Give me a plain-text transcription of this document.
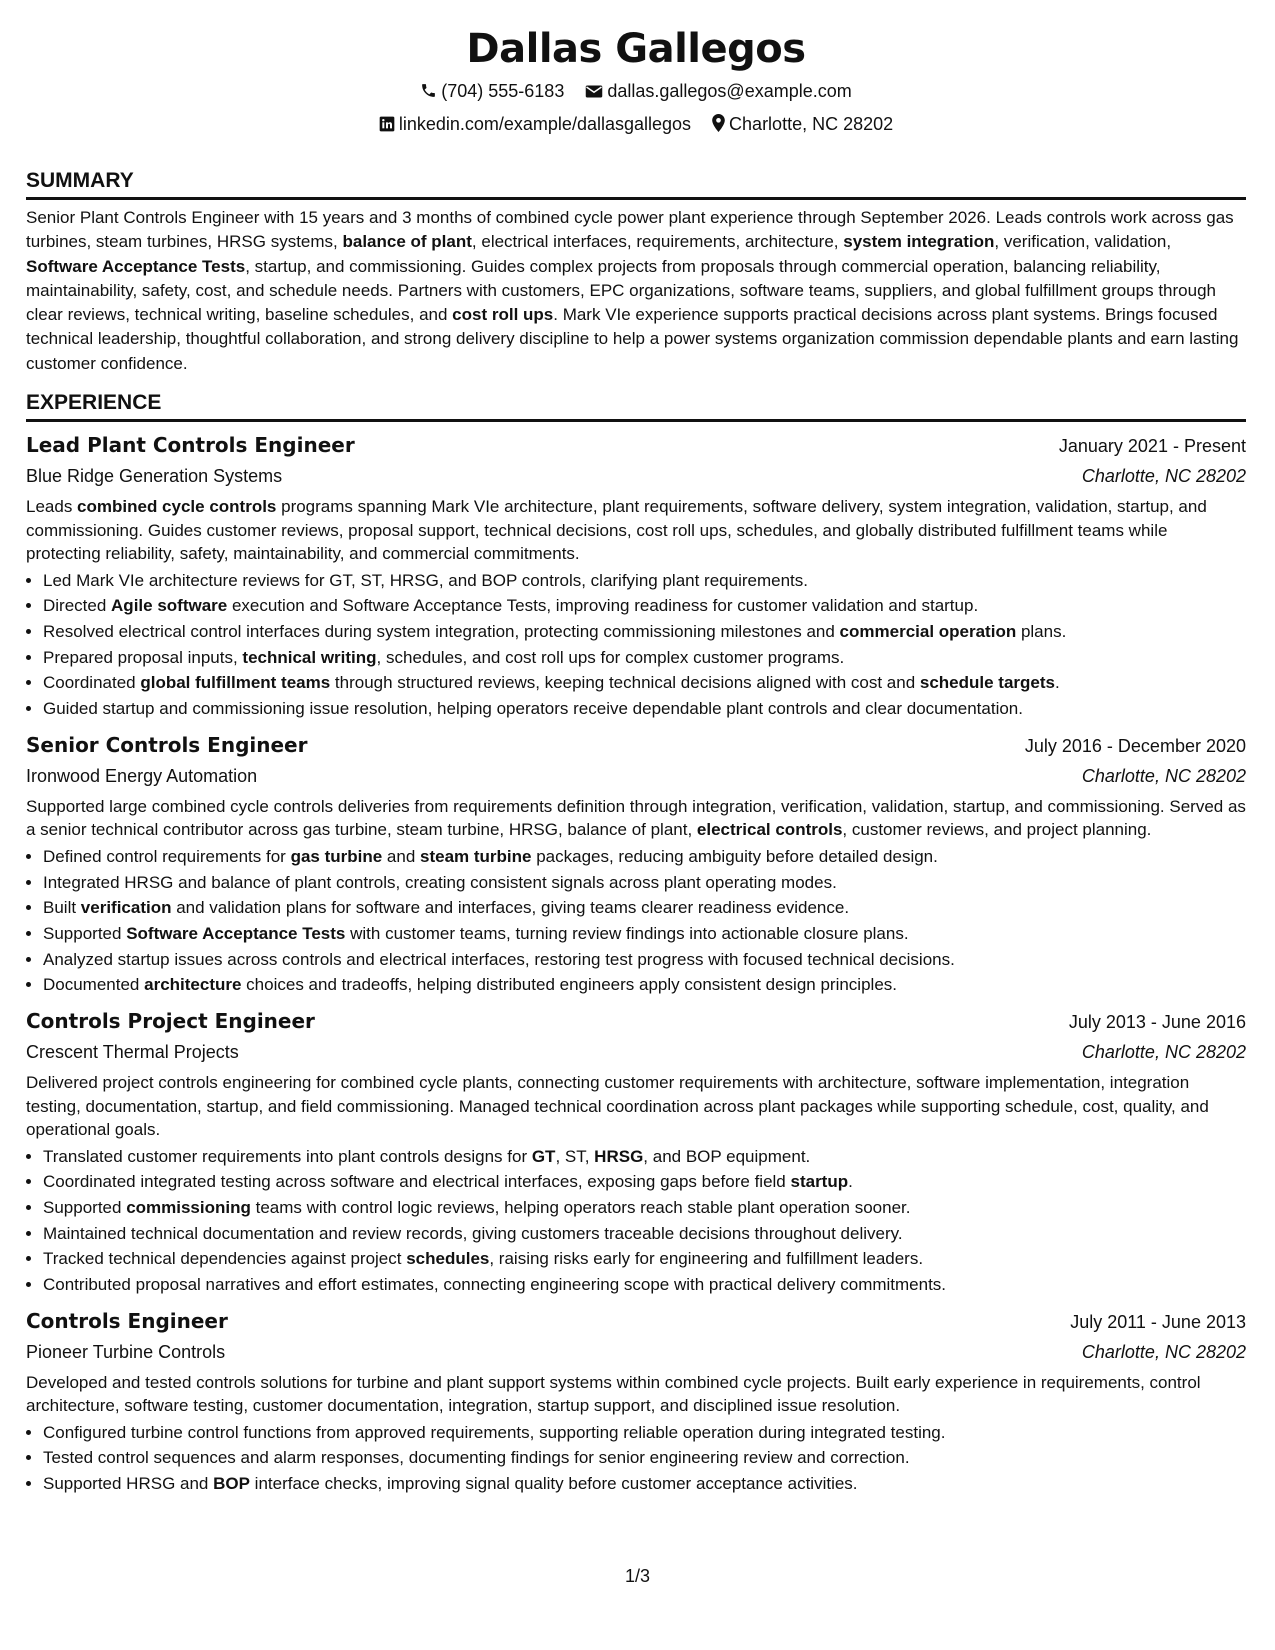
Dallas Gallegos
(704) 555-6183 dallas.gallegos@example.com
linkedin.com/example/dallasgallegos Charlotte, NC 28202
SUMMARY
Senior Plant Controls Engineer with 15 years and 3 months of combined cycle power plant experience through September 2026. Leads controls work across gas turbines, steam turbines, HRSG systems, balance of plant, electrical interfaces, requirements, architecture, system integration, verification, validation, Software Acceptance Tests, startup, and commissioning. Guides complex projects from proposals through commercial operation, balancing reliability, maintainability, safety, cost, and schedule needs. Partners with customers, EPC organizations, software teams, suppliers, and global fulfillment groups through clear reviews, technical writing, baseline schedules, and cost roll ups. Mark VIe experience supports practical decisions across plant systems. Brings focused technical leadership, thoughtful collaboration, and strong delivery discipline to help a power systems organization commission dependable plants and earn lasting customer confidence.
EXPERIENCE
Lead Plant Controls Engineer	January 2021 - Present
Blue Ridge Generation Systems	Charlotte, NC 28202
Leads combined cycle controls programs spanning Mark VIe architecture, plant requirements, software delivery, system integration, validation, startup, and commissioning. Guides customer reviews, proposal support, technical decisions, cost roll ups, schedules, and globally distributed fulfillment teams while protecting reliability, safety, maintainability, and commercial commitments.
• Led Mark VIe architecture reviews for GT, ST, HRSG, and BOP controls, clarifying plant requirements.
• Directed Agile software execution and Software Acceptance Tests, improving readiness for customer validation and startup.
• Resolved electrical control interfaces during system integration, protecting commissioning milestones and commercial operation plans.
• Prepared proposal inputs, technical writing, schedules, and cost roll ups for complex customer programs.
• Coordinated global fulfillment teams through structured reviews, keeping technical decisions aligned with cost and schedule targets.
• Guided startup and commissioning issue resolution, helping operators receive dependable plant controls and clear documentation.
Senior Controls Engineer	July 2016 - December 2020
Ironwood Energy Automation	Charlotte, NC 28202
Supported large combined cycle controls deliveries from requirements definition through integration, verification, validation, startup, and commissioning. Served as a senior technical contributor across gas turbine, steam turbine, HRSG, balance of plant, electrical controls, customer reviews, and project planning.
• Defined control requirements for gas turbine and steam turbine packages, reducing ambiguity before detailed design.
• Integrated HRSG and balance of plant controls, creating consistent signals across plant operating modes.
• Built verification and validation plans for software and interfaces, giving teams clearer readiness evidence.
• Supported Software Acceptance Tests with customer teams, turning review findings into actionable closure plans.
• Analyzed startup issues across controls and electrical interfaces, restoring test progress with focused technical decisions.
• Documented architecture choices and tradeoffs, helping distributed engineers apply consistent design principles.
Controls Project Engineer	July 2013 - June 2016
Crescent Thermal Projects	Charlotte, NC 28202
Delivered project controls engineering for combined cycle plants, connecting customer requirements with architecture, software implementation, integration testing, documentation, startup, and field commissioning. Managed technical coordination across plant packages while supporting schedule, cost, quality, and operational goals.
• Translated customer requirements into plant controls designs for GT, ST, HRSG, and BOP equipment.
• Coordinated integrated testing across software and electrical interfaces, exposing gaps before field startup.
• Supported commissioning teams with control logic reviews, helping operators reach stable plant operation sooner.
• Maintained technical documentation and review records, giving customers traceable decisions throughout delivery.
• Tracked technical dependencies against project schedules, raising risks early for engineering and fulfillment leaders.
• Contributed proposal narratives and effort estimates, connecting engineering scope with practical delivery commitments.
Controls Engineer	July 2011 - June 2013
Pioneer Turbine Controls	Charlotte, NC 28202
Developed and tested controls solutions for turbine and plant support systems within combined cycle projects. Built early experience in requirements, control architecture, software testing, customer documentation, integration, startup support, and disciplined issue resolution.
• Configured turbine control functions from approved requirements, supporting reliable operation during integrated testing.
• Tested control sequences and alarm responses, documenting findings for senior engineering review and correction.
• Supported HRSG and BOP interface checks, improving signal quality before customer acceptance activities.
1/3
